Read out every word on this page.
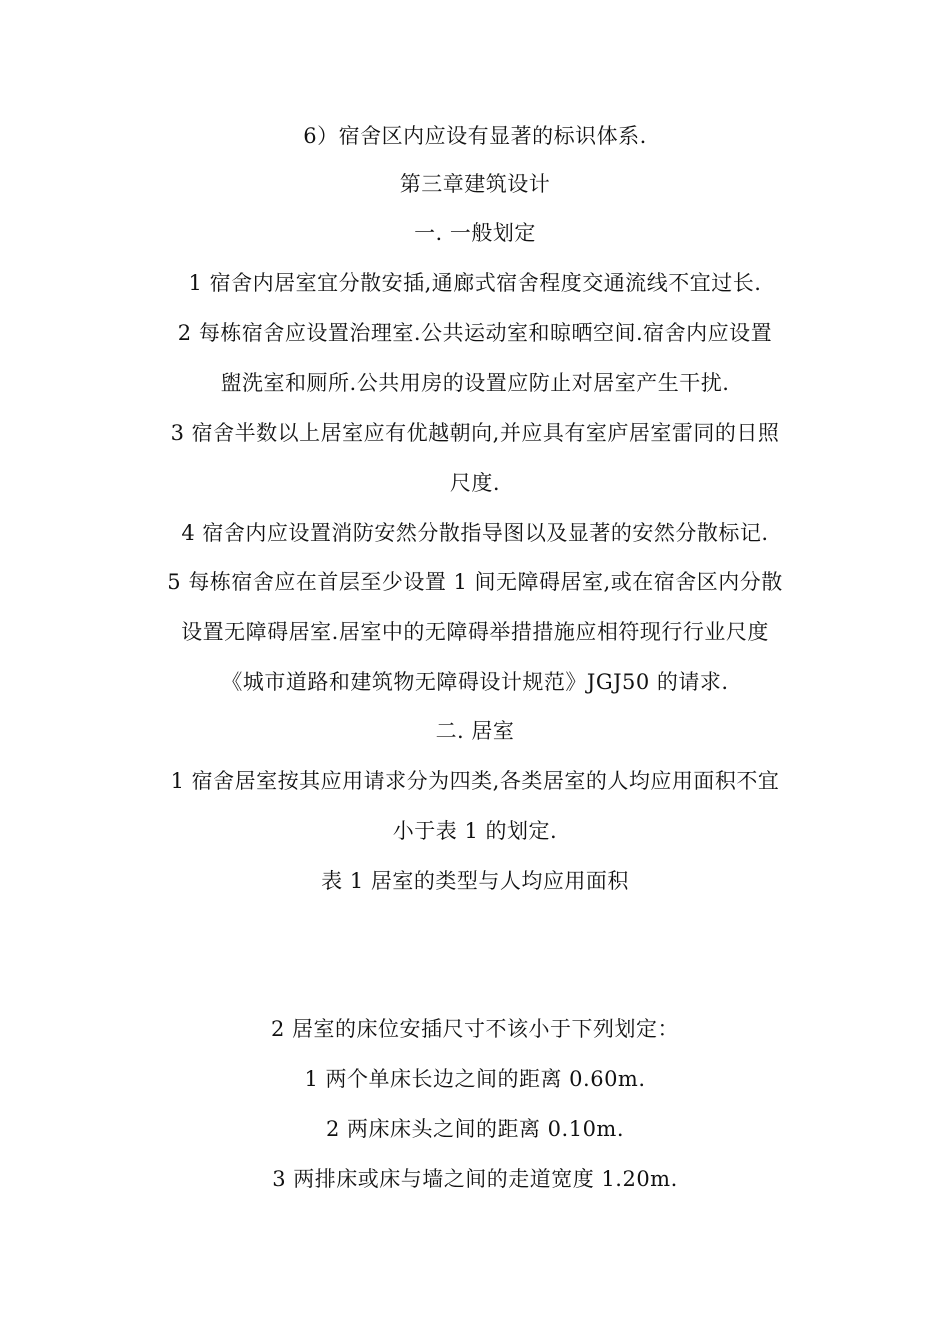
6）宿舍区内应设有显著的标识体系.
第三章建筑设计
一. 一般划定
1 宿舍内居室宜分散安插,通廊式宿舍程度交通流线不宜过长.
2 每栋宿舍应设置治理室.公共运动室和晾晒空间.宿舍内应设置
盥洗室和厕所.公共用房的设置应防止对居室产生干扰.
3 宿舍半数以上居室应有优越朝向,并应具有室庐居室雷同的日照
尺度.
4 宿舍内应设置消防安然分散指导图以及显著的安然分散标记.
5 每栋宿舍应在首层至少设置 1 间无障碍居室,或在宿舍区内分散
设置无障碍居室.居室中的无障碍举措措施应相符现行行业尺度
《城市道路和建筑物无障碍设计规范》JGJ50 的请求.
二. 居室
1 宿舍居室按其应用请求分为四类,各类居室的人均应用面积不宜
小于表 1 的划定.
表 1 居室的类型与人均应用面积
2 居室的床位安插尺寸不该小于下列划定：
1 两个单床长边之间的距离 0.60m.
2 两床床头之间的距离 0.10m.
3 两排床或床与墙之间的走道宽度 1.20m.
